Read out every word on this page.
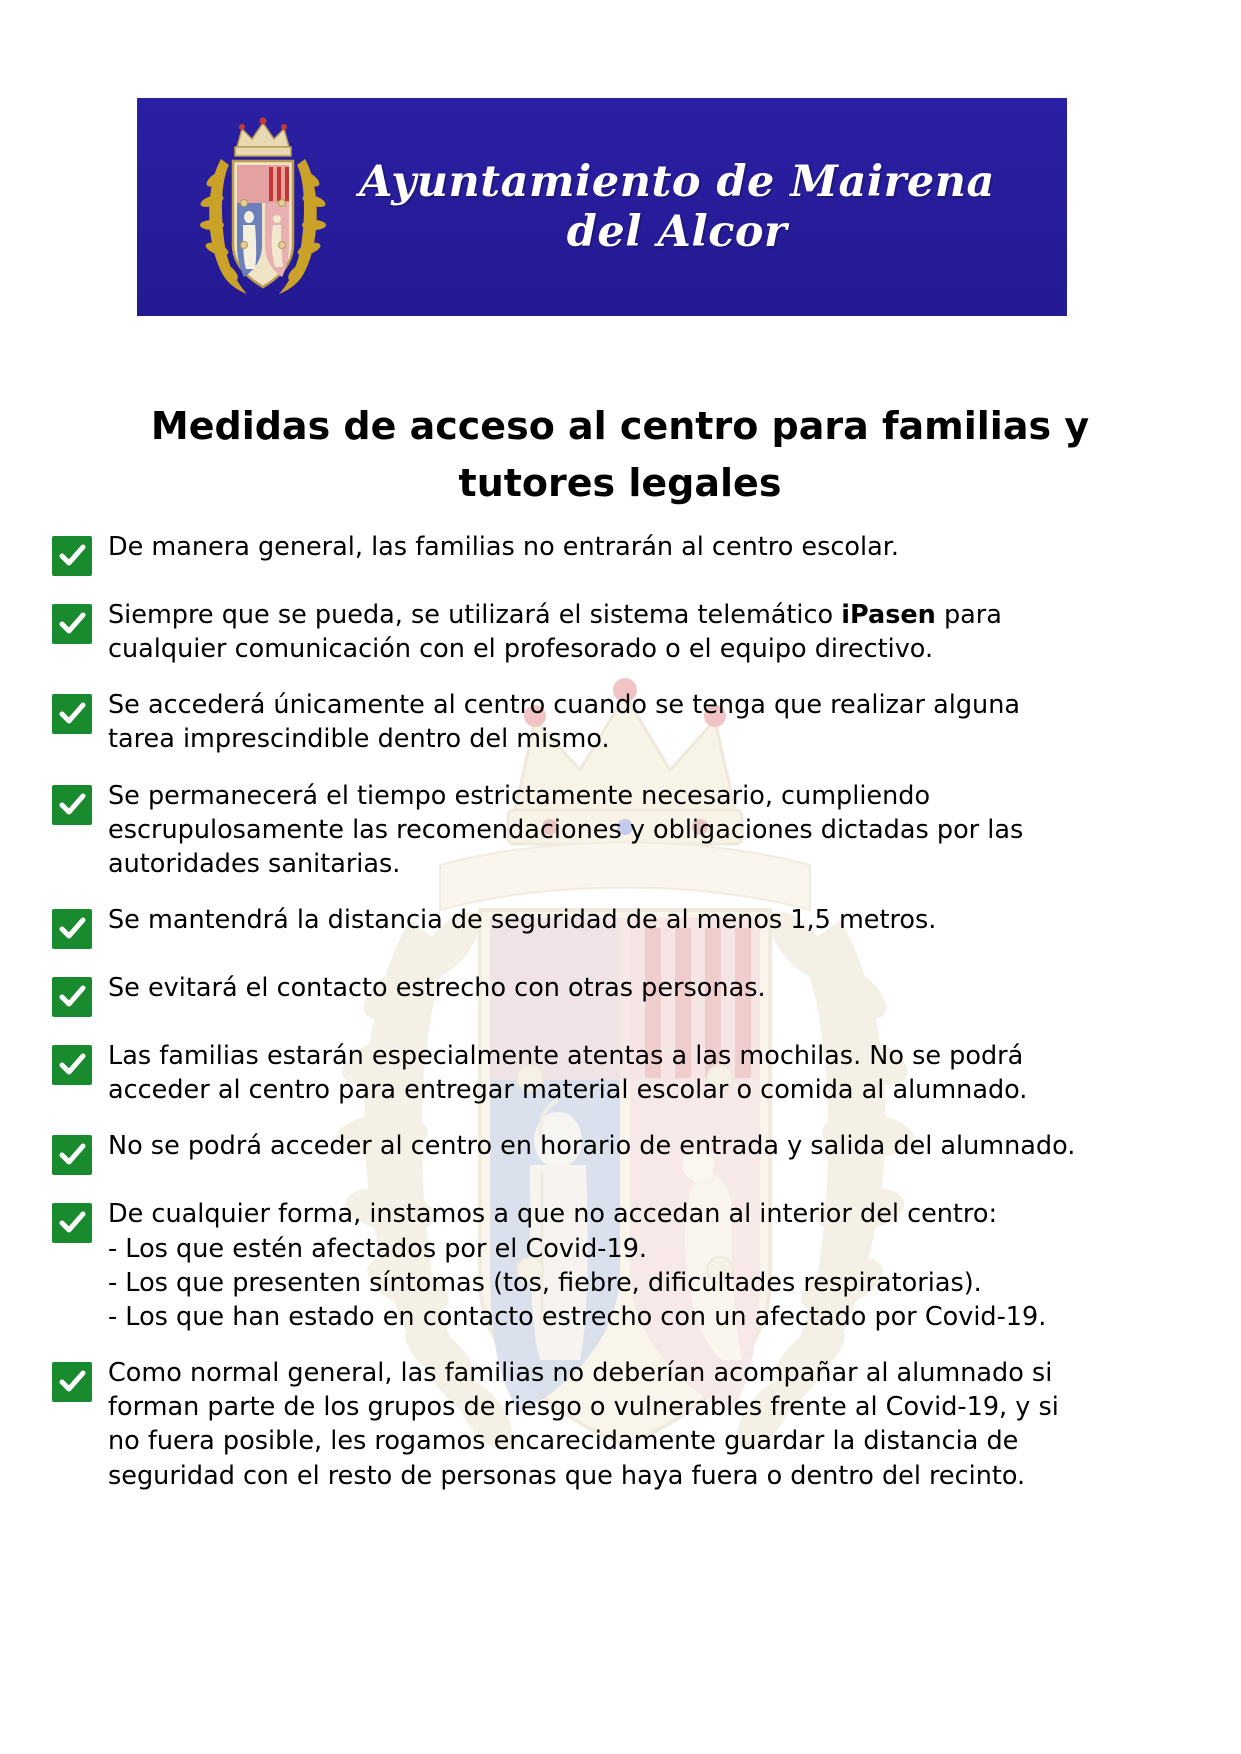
Ayuntamiento de Mairena del Alcor
Medidas de acceso al centro para familias y tutores legales
De manera general, las familias no entrarán al centro escolar.
Siempre que se pueda, se utilizará el sistema telemático iPasen para cualquier comunicación con el profesorado o el equipo directivo.
Se accederá únicamente al centro cuando se tenga que realizar alguna tarea imprescindible dentro del mismo.
Se permanecerá el tiempo estrictamente necesario, cumpliendo escrupulosamente las recomendaciones y obligaciones dictadas por las autoridades sanitarias.
Se mantendrá la distancia de seguridad de al menos 1,5 metros.
Se evitará el contacto estrecho con otras personas.
Las familias estarán especialmente atentas a las mochilas. No se podrá acceder al centro para entregar material escolar o comida al alumnado.
No se podrá acceder al centro en horario de entrada y salida del alumnado.
De cualquier forma, instamos a que no accedan al interior del centro:
- Los que estén afectados por el Covid-19.
- Los que presenten síntomas (tos, fiebre, dificultades respiratorias).
- Los que han estado en contacto estrecho con un afectado por Covid-19.
Como normal general, las familias no deberían acompañar al alumnado si forman parte de los grupos de riesgo o vulnerables frente al Covid-19, y si no fuera posible, les rogamos encarecidamente guardar la distancia de seguridad con el resto de personas que haya fuera o dentro del recinto.
